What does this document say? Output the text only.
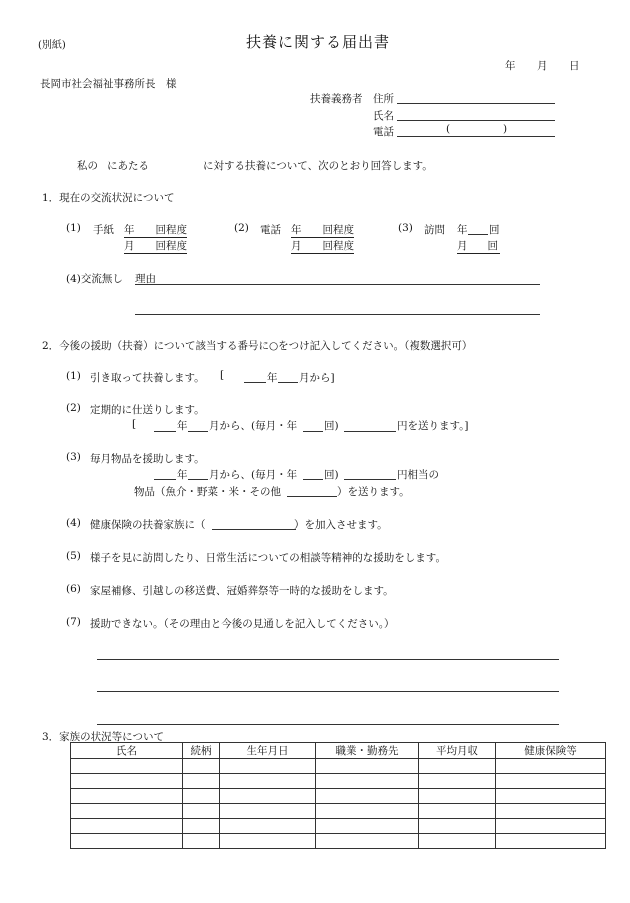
(別紙)	扶養に関する届出書
年 月 日
長岡市社会福祉事務所長　様
扶養義務者 住所
氏名
電話	(	)
私の にあたる	に対する扶養について、次のとおり回答します。
1．現在の交流状況について
(1) 手紙 年　　回程度
月　　回程度
(2) 電話 年　　回程度
月　　回程度
(3) 訪問 年 回
月 回
(4)交流無し 理由
2．今後の援助（扶養）について該当する番号に○をつけ記入してください。（複数選択可）
(1) 引き取って扶養します。 [	年 月から]
(2) 定期的に仕送りします。
[	年 月から、(毎月・年	回)	円を送ります。]
(3) 毎月物品を援助します。
年 月から、(毎月・年	回)	円相当の
物品（魚介・野菜・米・その他	）を送ります。
(4) 健康保険の扶養家族に（	）を加入させます。
(5) 様子を見に訪問したり、日常生活についての相談等精神的な援助をします。
(6) 家屋補修、引越しの移送費、冠婚葬祭等一時的な援助をします。
(7) 援助できない。（その理由と今後の見通しを記入してください。）
3．家族の状況等について
氏名	続柄	生年月日	職業・勤務先	平均月収	健康保険等
